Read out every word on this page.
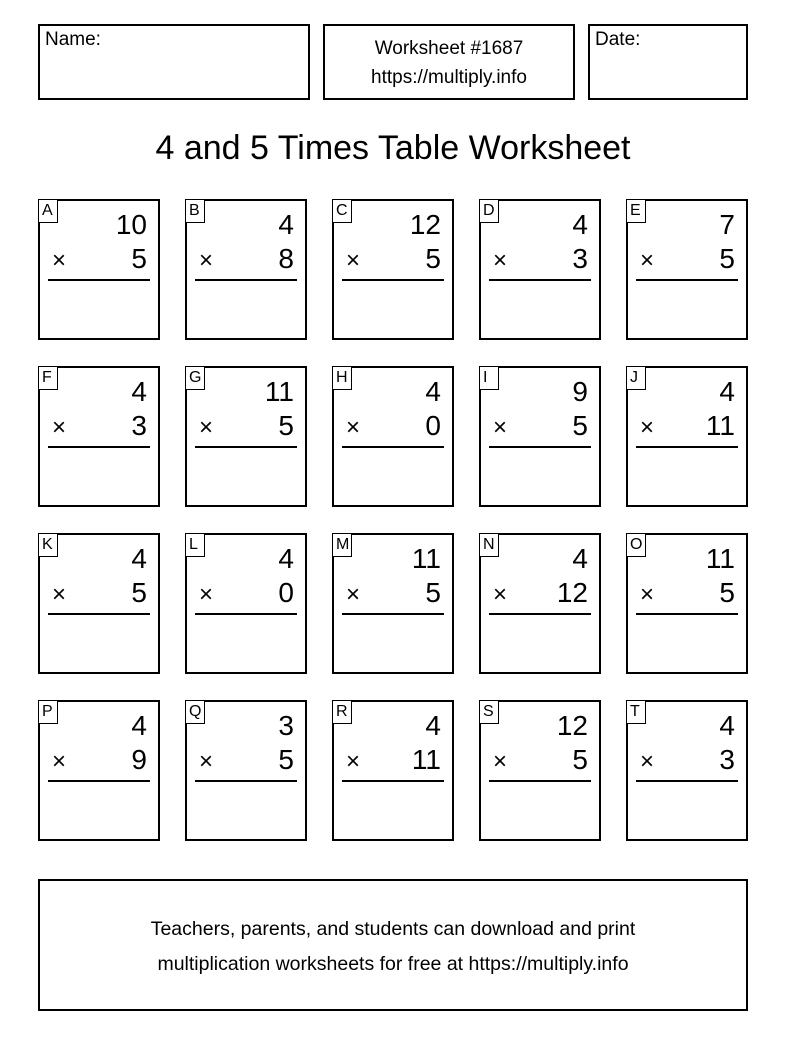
Name:	Worksheet #1687
https://multiply.info
Date:
4 and 5 Times Table Worksheet
A 10
× 5
B	4
× 8
C 12
× 5
D	4
× 3
E	7
× 5
F	4
× 3
G 11
× 5
H	4
× 0
I	9
× 5
J	4
× 11
K	4
× 5
L	4
× 0
M 11
× 5
N	4
× 12
O 11
× 5
P	4
× 9
Q	3
× 5
R	4
× 11
S 12
× 5
T	4
× 3
Teachers, parents, and students can download and print
multiplication worksheets for free at https://multiply.info
